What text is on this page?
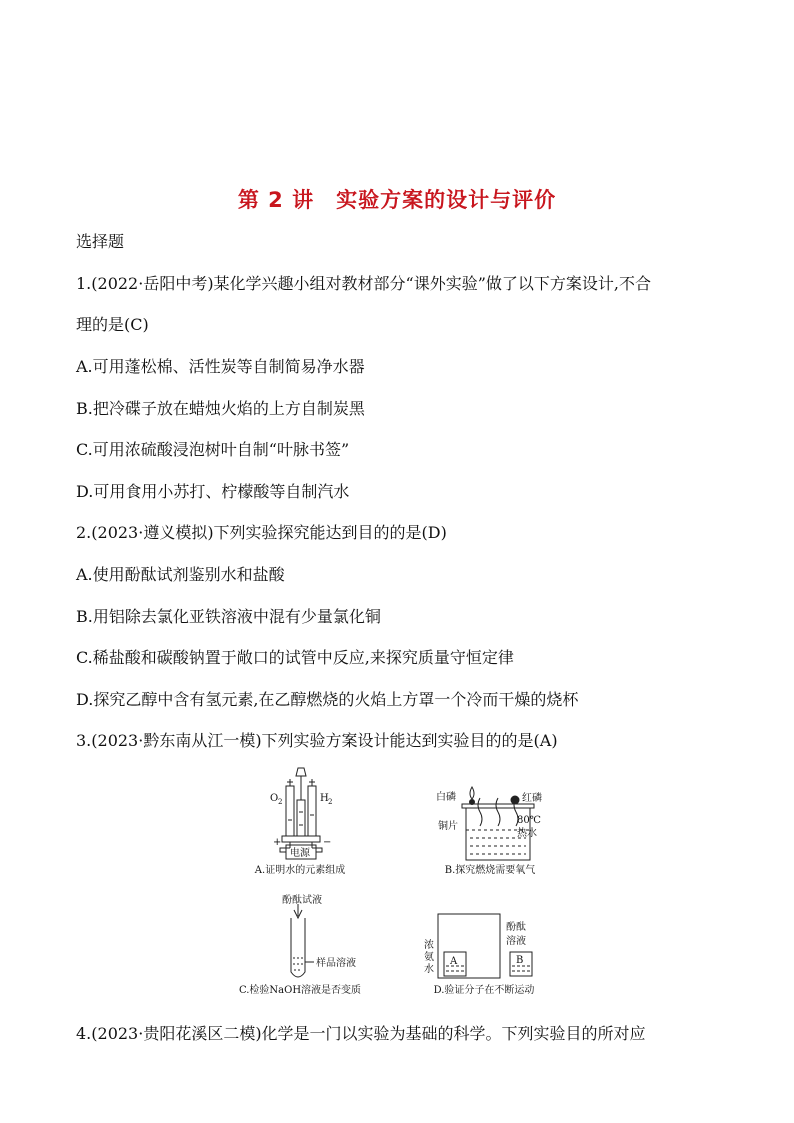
第 2 讲　实验方案的设计与评价
选择题
1.(2022·岳阳中考)某化学兴趣小组对教材部分“课外实验”做了以下方案设计,不合
理的是(C)
A.可用蓬松棉、活性炭等自制简易净水器
B.把冷碟子放在蜡烛火焰的上方自制炭黑
C.可用浓硫酸浸泡树叶自制“叶脉书签”
D.可用食用小苏打、柠檬酸等自制汽水
2.(2023·遵义模拟)下列实验探究能达到目的的是(D)
A.使用酚酞试剂鉴别水和盐酸
B.用铝除去氯化亚铁溶液中混有少量氯化铜
C.稀盐酸和碳酸钠置于敞口的试管中反应,来探究质量守恒定律
D.探究乙醇中含有氢元素,在乙醇燃烧的火焰上方罩一个冷而干燥的烧杯
3.(2023·黔东南从江一模)下列实验方案设计能达到实验目的的是(A)
O 2	H 2
+	−
电源
A.证明水的元素组成
白磷	红磷
80℃
热水
铜片
B.探究燃烧需要氧气
酚酞试液
样品溶液
C.检验NaOH溶液是否变质
A	B
浓
氨
水
酚酞
溶液
D.验证分子在不断运动
4.(2023·贵阳花溪区二模)化学是一门以实验为基础的科学。下列实验目的所对应
